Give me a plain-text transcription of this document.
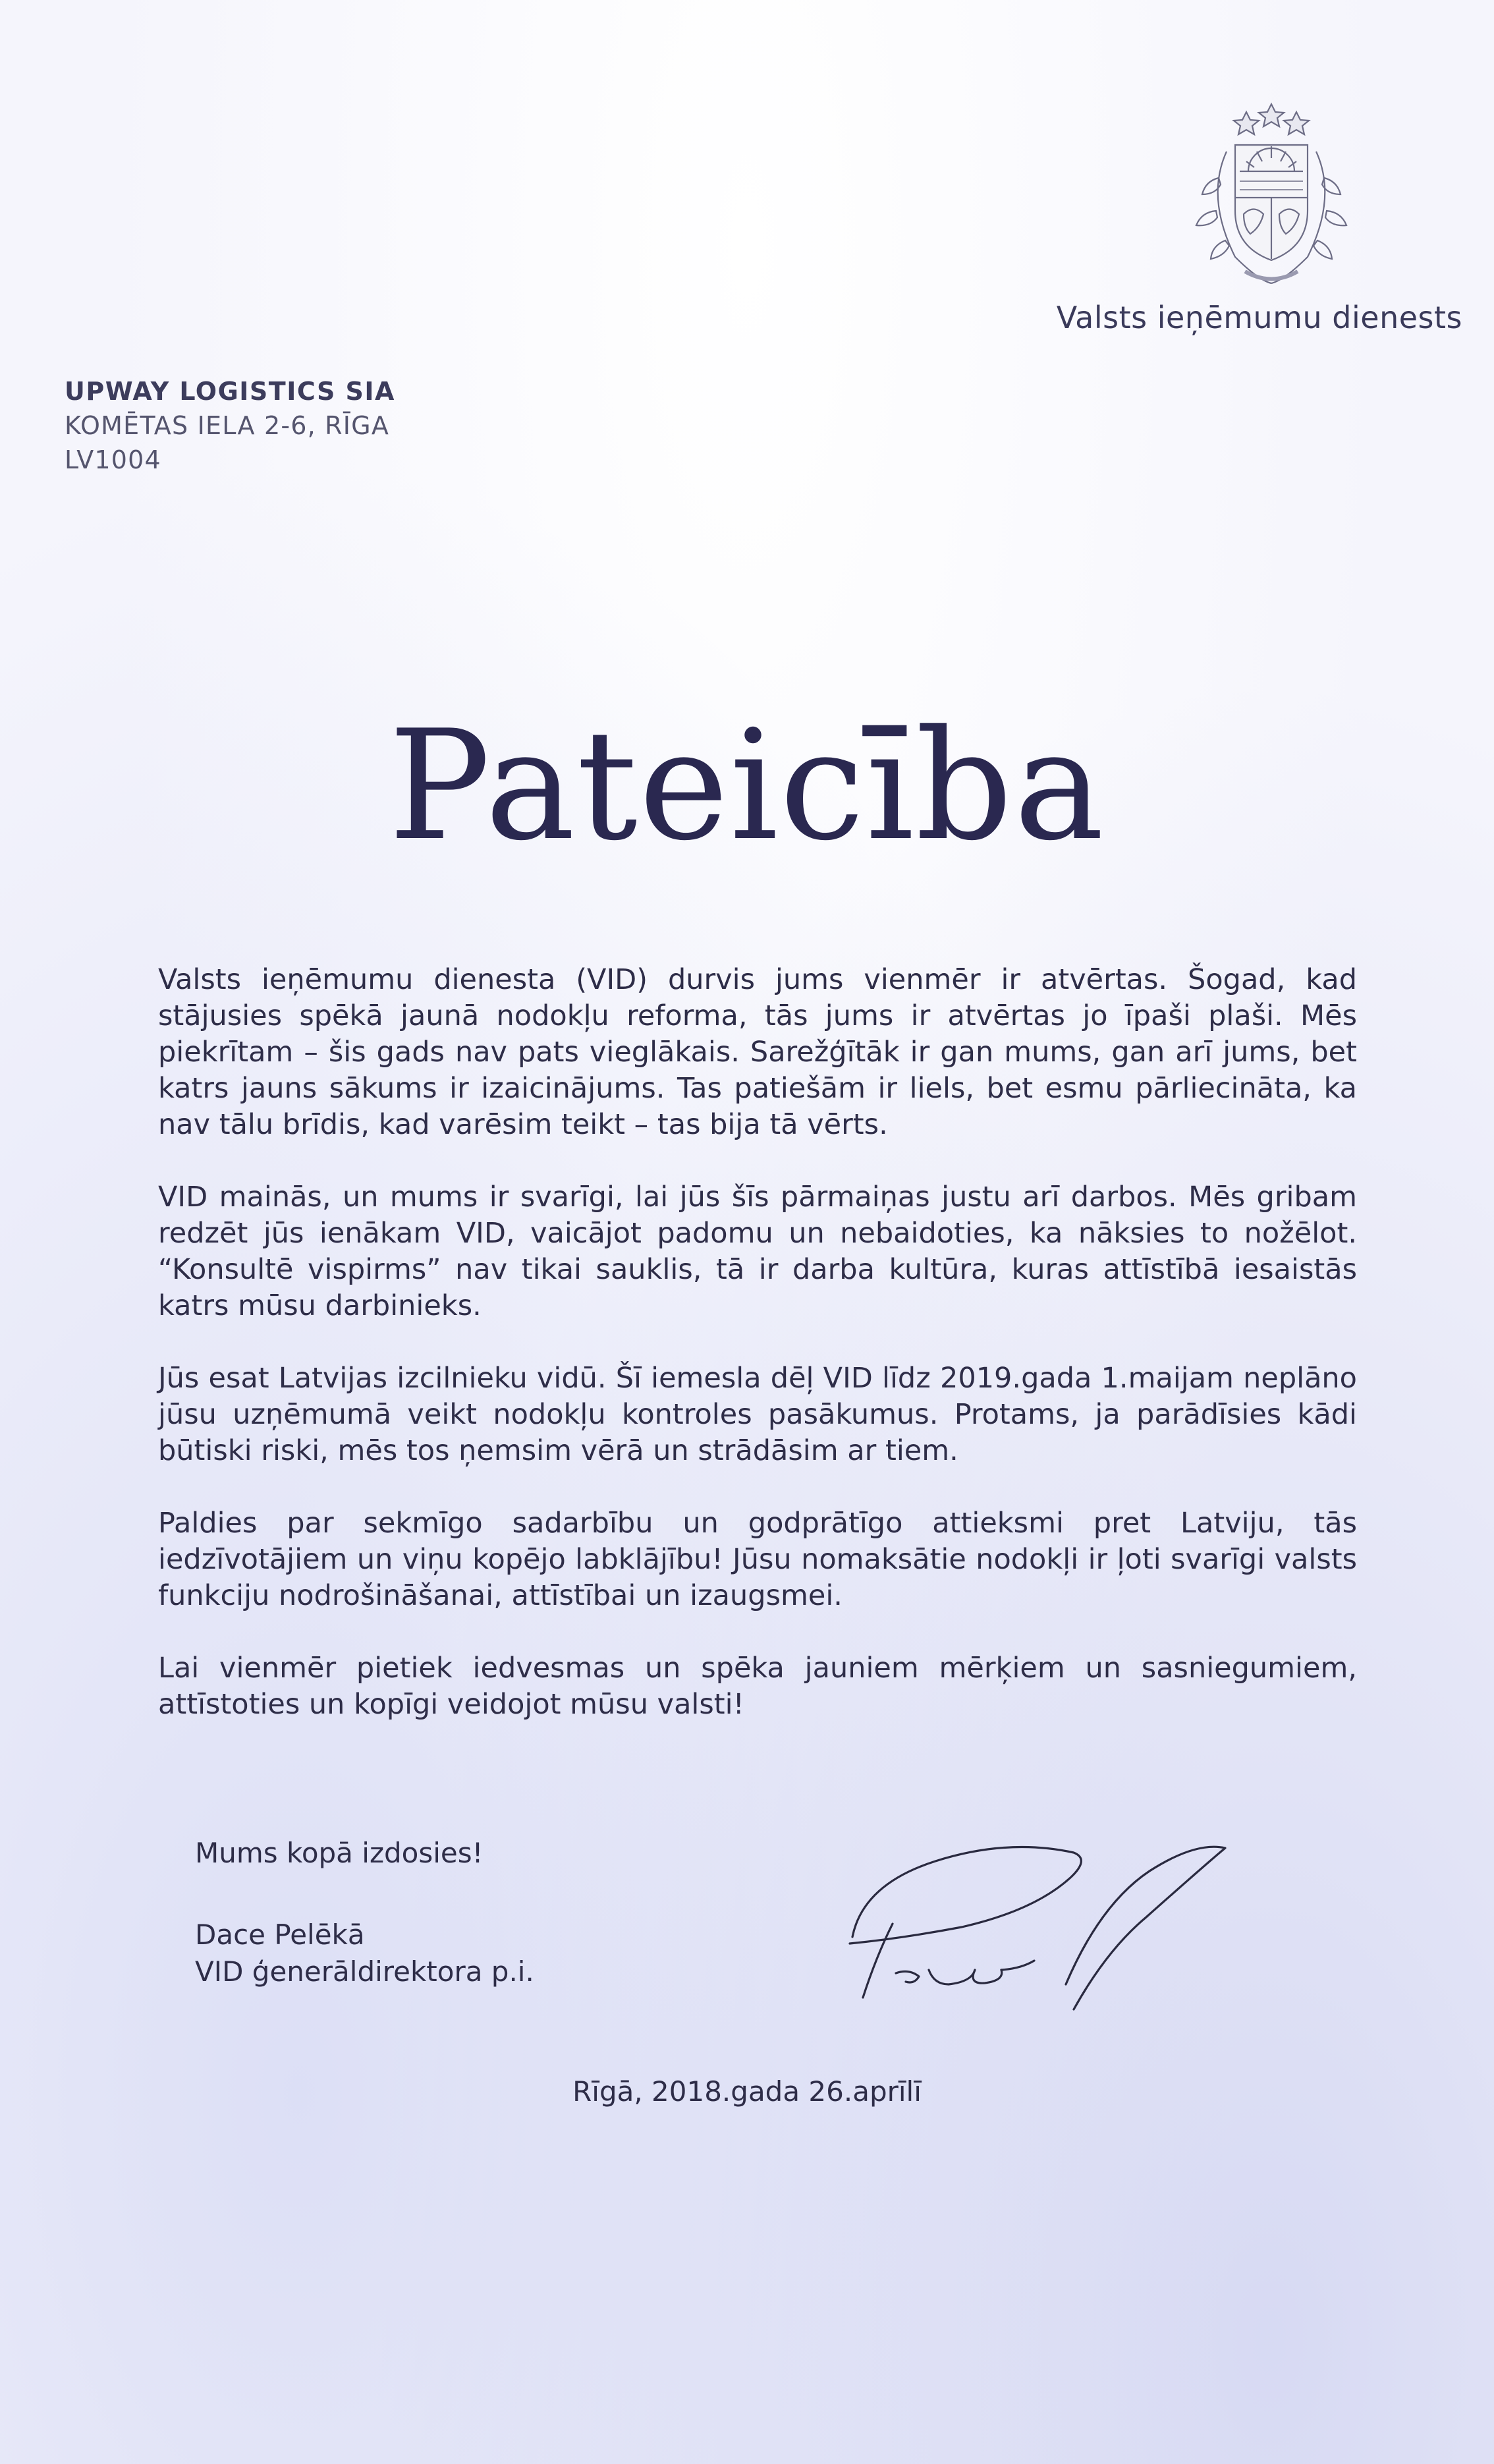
Valsts ieņēmumu dienests
UPWAY LOGISTICS SIA
KOMĒTAS IELA 2-6, RĪGA
LV1004
Pateicība

Valsts ieņēmumu dienesta (VID) durvis jums vienmēr ir atvērtas. Šogad, kad stājusies spēkā jaunā nodokļu reforma, tās jums ir atvērtas jo īpaši plaši. Mēs piekrītam – šis gads nav pats vieglākais. Sarežģītāk ir gan mums, gan arī jums, bet katrs jauns sākums ir izaicinājums. Tas patiešām ir liels, bet esmu pārliecināta, ka nav tālu brīdis, kad varēsim teikt – tas bija tā vērts.

VID mainās, un mums ir svarīgi, lai jūs šīs pārmaiņas justu arī darbos. Mēs gribam redzēt jūs ienākam VID, vaicājot padomu un nebaidoties, ka nāksies to nožēlot. “Konsultē vispirms” nav tikai sauklis, tā ir darba kultūra, kuras attīstībā iesaistās katrs mūsu darbinieks.

Jūs esat Latvijas izcilnieku vidū. Šī iemesla dēļ VID līdz 2019.gada 1.maijam neplāno jūsu uzņēmumā veikt nodokļu kontroles pasākumus. Protams, ja parādīsies kādi būtiski riski, mēs tos ņemsim vērā un strādāsim ar tiem.

Paldies par sekmīgo sadarbību un godprātīgo attieksmi pret Latviju, tās iedzīvotājiem un viņu kopējo labklājību! Jūsu nomaksātie nodokļi ir ļoti svarīgi valsts funkciju nodrošināšanai, attīstībai un izaugsmei.

Lai vienmēr pietiek iedvesmas un spēka jauniem mērķiem un sasniegumiem, attīstoties un kopīgi veidojot mūsu valsti!

Mums kopā izdosies!
Dace Pelēkā
VID ģenerāldirektora p.i.
Rīgā, 2018.gada 26.aprīlī
